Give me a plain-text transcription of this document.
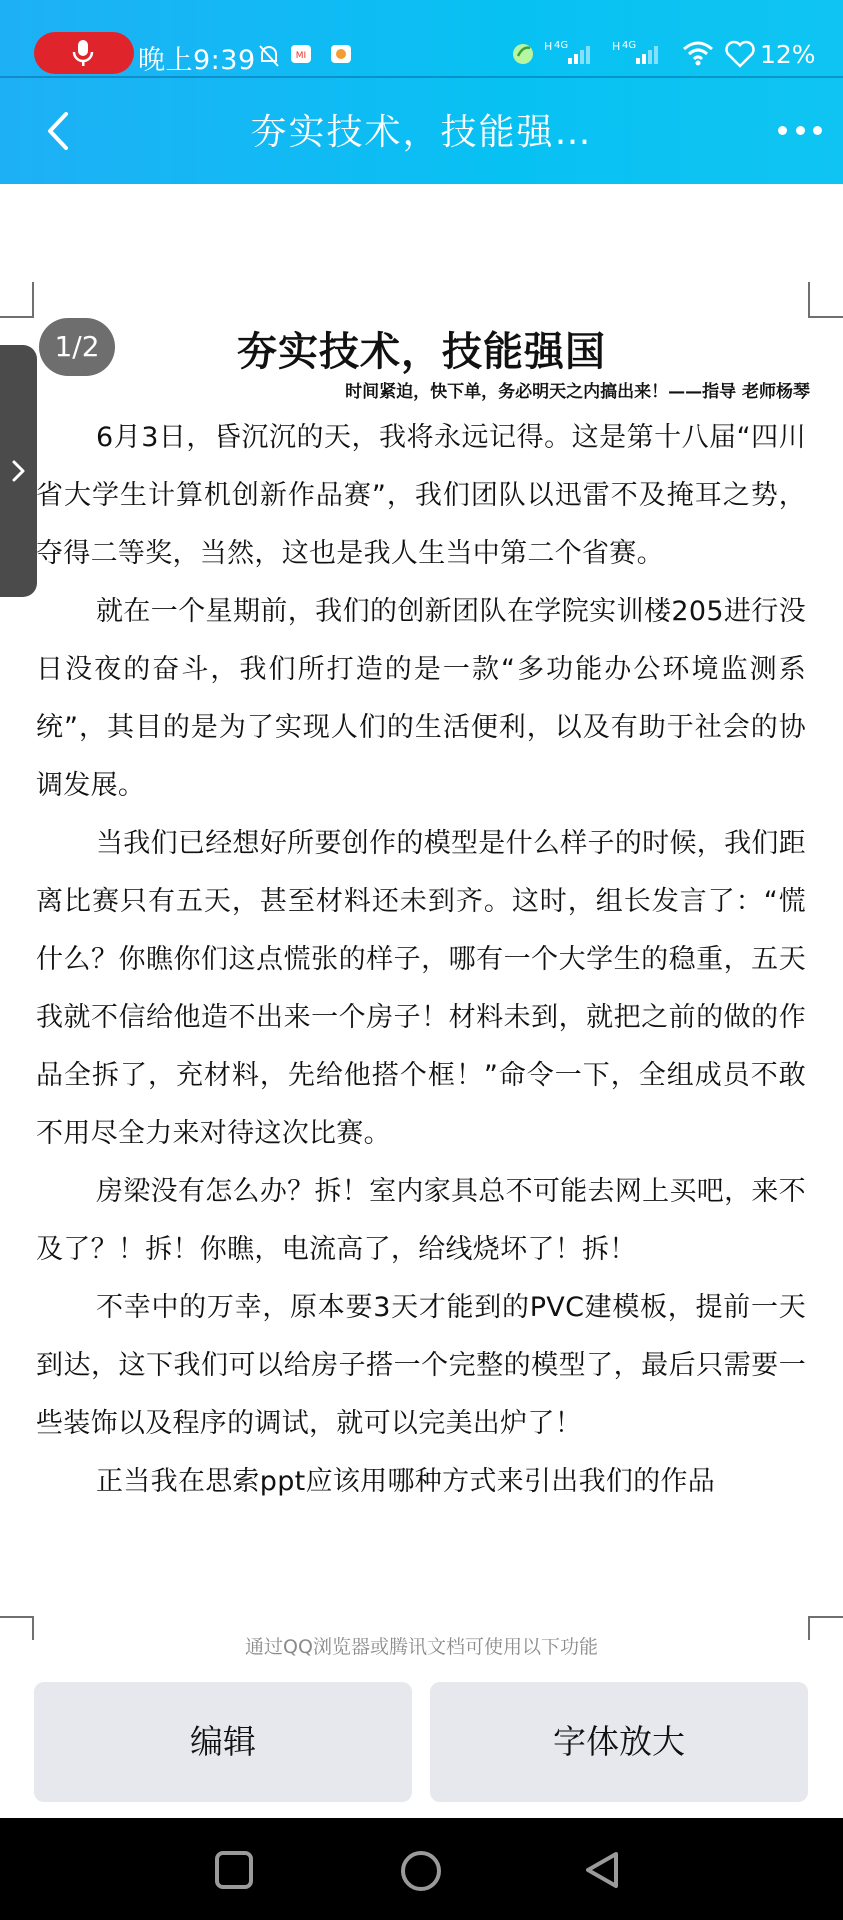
晚上9:39	MI
H 4G	H 4G	12%
夯实技术，技能强…
夯实技术，技能强国
时间紧迫，快下单，务必明天之内搞出来！——指导 老师杨琴
1/2

6月3日，昏沉沉的天，我将永远记得。这是第十八届“四川省大学生计算机创新作品赛”，我们团队以迅雷不及掩耳之势，夺得二等奖，当然，这也是我人生当中第二个省赛。

就在一个星期前，我们的创新团队在学院实训楼205进行没日没夜的奋斗，我们所打造的是一款“多功能办公环境监测系统”，其目的是为了实现人们的生活便利，以及有助于社会的协调发展。

当我们已经想好所要创作的模型是什么样子的时候，我们距离比赛只有五天，甚至材料还未到齐。这时，组长发言了：“慌什么？你瞧你们这点慌张的样子，哪有一个大学生的稳重，五天我就不信给他造不出来一个房子！材料未到，就把之前的做的作品全拆了，充材料，先给他搭个框！”命令一下，全组成员不敢不用尽全力来对待这次比赛。

房梁没有怎么办？拆！室内家具总不可能去网上买吧，来不及了？！拆！你瞧，电流高了，给线烧坏了！拆！

不幸中的万幸，原本要3天才能到的PVC建模板，提前一天到达，这下我们可以给房子搭一个完整的模型了，最后只需要一些装饰以及程序的调试，就可以完美出炉了！

正当我在思索ppt应该用哪种方式来引出我们的作品

通过QQ浏览器或腾讯文档可使用以下功能
编辑	字体放大
